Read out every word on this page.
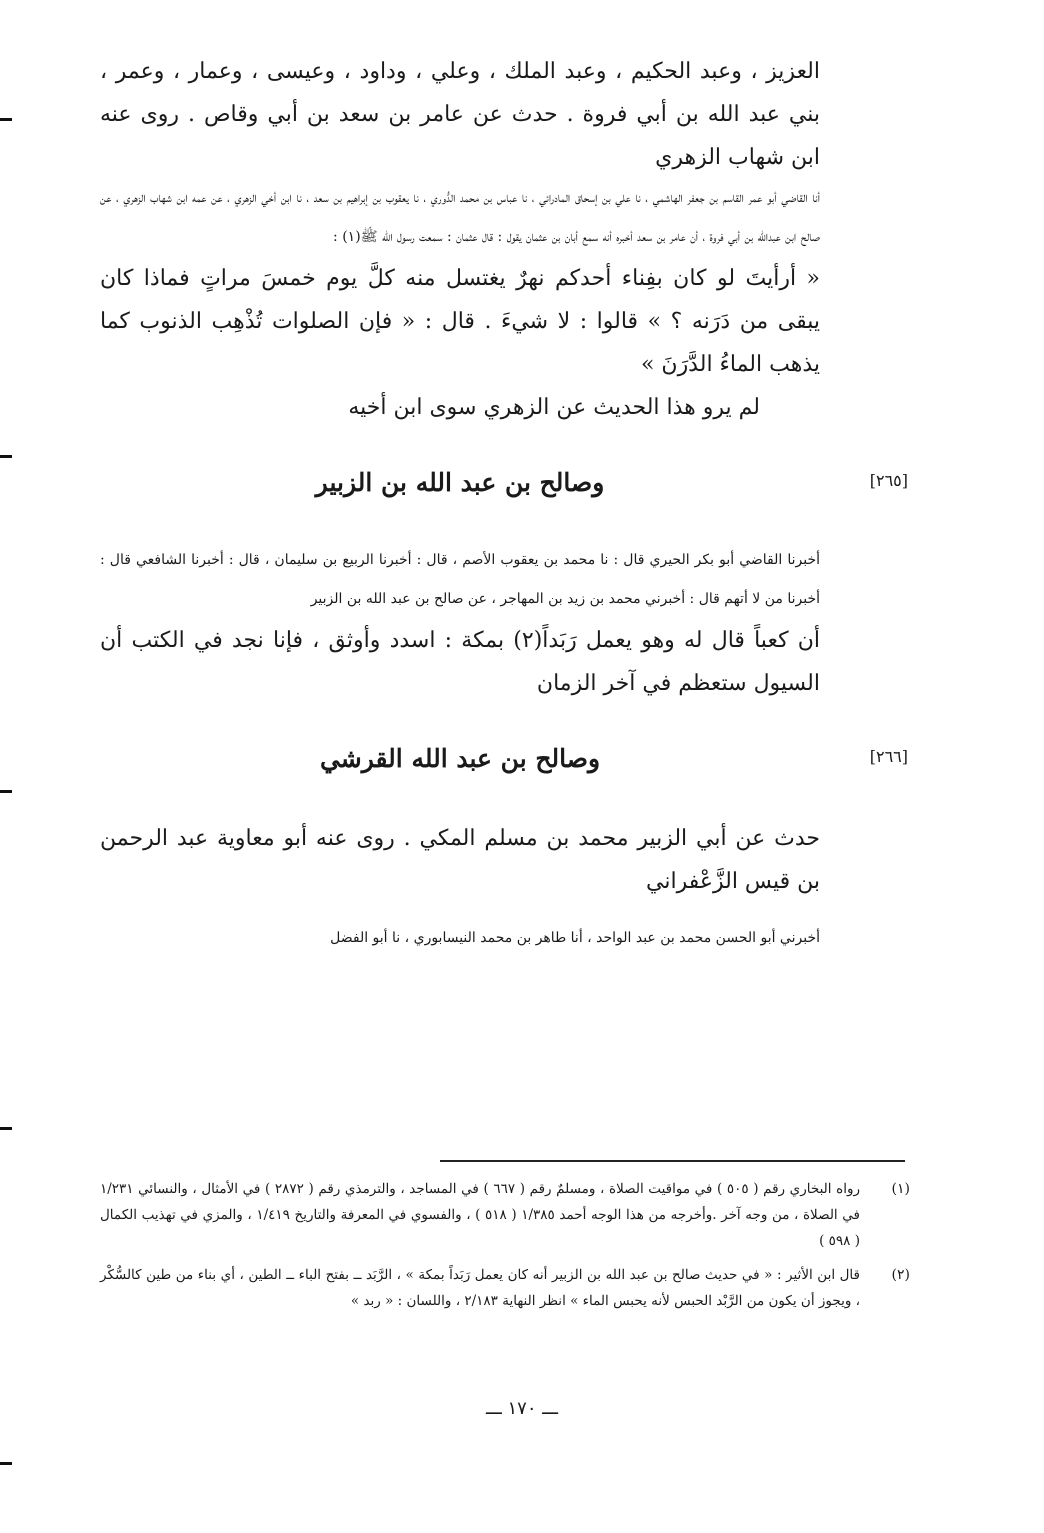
العزيز ، وعبد الحكيم ، وعبد الملك ، وعلي ، وداود ، وعيسى ، وعمار ، وعمر ، بني عبد الله بن أبي فروة . حدث عن عامر بن سعد بن أبي وقاص . روى عنه ابن شهاب الزهري

أنا القاضي أبو عمر القاسم بن جعفر الهاشمي ، نا علي بن إسحاق المادرائي ، نا عباس بن محمد الدُّوري ، نا يعقوب بن إبراهيم بن سعد ، نا ابن أخي الزهري ، عن عمه ابن شهاب الزهري ، عن صالح ابن عبدالله بن أبي فروة ، أن عامر بن سعد أخبره أنه سمع أبان بن عثمان يقول : قال عثمان : سمعت رسول الله ﷺ(١) :

« أرأيتَ لو كان بفِناء أحدكم نهرٌ يغتسل منه كلَّ يوم خمسَ مراتٍ فماذا كان يبقى من دَرَنه ؟ » قالوا : لا شيءَ . قال : « فإن الصلوات تُذْهِب الذنوب كما يذهب الماءُ الدَّرَنَ »

لم يرو هذا الحديث عن الزهري سوى ابن أخيه

[٢٦٥]
وصالح بن عبد الله بن الزبير

أخبرنا القاضي أبو بكر الحيري قال : نا محمد بن يعقوب الأصم ، قال : أخبرنا الربيع بن سليمان ، قال : أخبرنا الشافعي قال : أخبرنا من لا أتهم قال : أخبرني محمد بن زيد بن المهاجر ، عن صالح بن عبد الله بن الزبير

أن كعباً قال له وهو يعمل رَبَداً(٢) بمكة : اسدد وأوثق ، فإنا نجد في الكتب أن السيول ستعظم في آخر الزمان

[٢٦٦]
وصالح بن عبد الله القرشي

حدث عن أبي الزبير محمد بن مسلم المكي . روى عنه أبو معاوية عبد الرحمن بن قيس الزَّعْفراني

أخبرني أبو الحسن محمد بن عبد الواحد ، أنا طاهر بن محمد النيسابوري ، نا أبو الفضل

(١)
رواه البخاري رقم ( ٥٠٥ ) في مواقيت الصلاة ، ومسلمٌ رقم ( ٦٦٧ ) في المساجد ، والترمذي رقم ( ٢٨٧٢ ) في الأمثال ، والنسائي ١/٢٣١ في الصلاة ، من وجه آخر .وأخرجه من هذا الوجه أحمد ١/٣٨٥ ( ٥١٨ ) ، والفسوي في المعرفة والتاريخ ١/٤١٩ ، والمزي في تهذيب الكمال ( ٥٩٨ )
(٢)
قال ابن الأثير : « في حديث صالح بن عبد الله بن الزبير أنه كان يعمل رَبَداً بمكة » ، الرَّبَد ــ بفتح الباء ــ الطين ، أي بناء من طين كالسُّكْر ، ويجوز أن يكون من الرَّبْد الحبس لأنه يحبس الماء » انظر النهاية ٢/١٨٣ ، واللسان : « ربد »
ـــ ١٧٠ ـــ
